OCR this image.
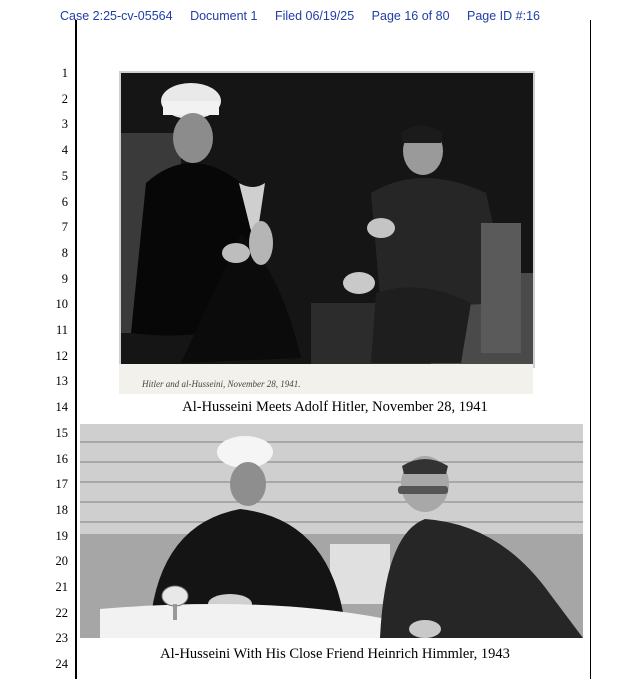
Case 2:25-cv-05564 Document 1 Filed 06/19/25 Page 16 of 80 Page ID #:16
1
2
3
4
5
6
7
8
9
10
11
12
13
14
15
16
17
18
19
20
21
22
23
24
Hitler and al-Husseini, November 28, 1941.
Al-Husseini Meets Adolf Hitler, November 28, 1941
Al-Husseini With His Close Friend Heinrich Himmler, 1943
